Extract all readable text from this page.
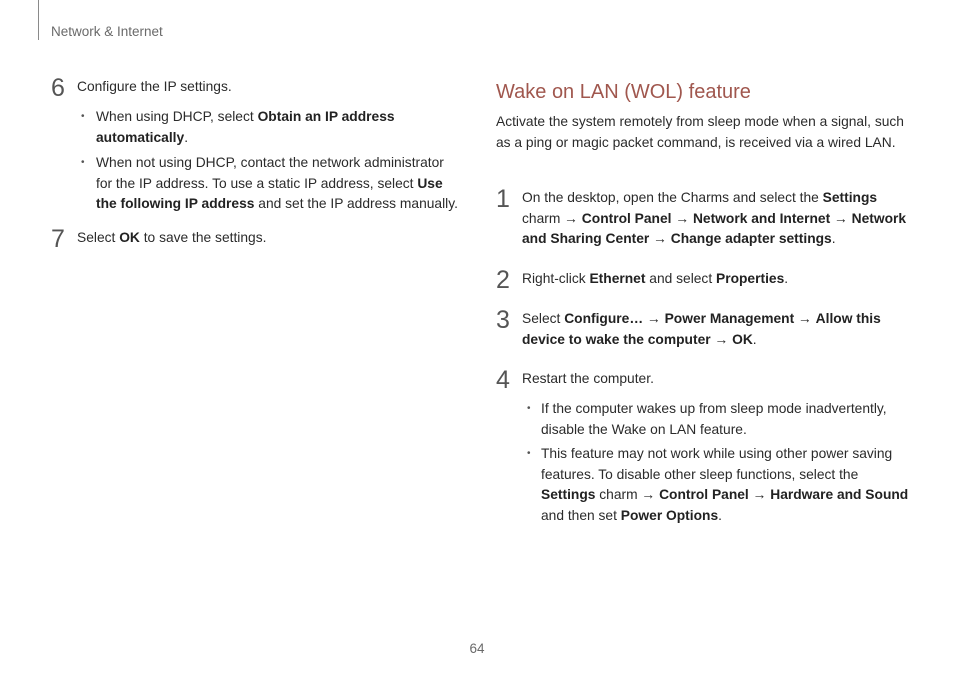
Network & Internet
6 Configure the IP settings.
• When using DHCP, select Obtain an IP address automatically.
• When not using DHCP, contact the network administrator for the IP address. To use a static IP address, select Use the following IP address and set the IP address manually.
7 Select OK to save the settings.
Wake on LAN (WOL) feature
Activate the system remotely from sleep mode when a signal, such as a ping or magic packet command, is received via a wired LAN.
1 On the desktop, open the Charms and select the Settings charm → Control Panel → Network and Internet → Network and Sharing Center → Change adapter settings.
2 Right-click Ethernet and select Properties.
3 Select Configure… → Power Management → Allow this device to wake the computer → OK.
4 Restart the computer.
• If the computer wakes up from sleep mode inadvertently, disable the Wake on LAN feature.
• This feature may not work while using other power saving features. To disable other sleep functions, select the Settings charm → Control Panel → Hardware and Sound and then set Power Options.
64
